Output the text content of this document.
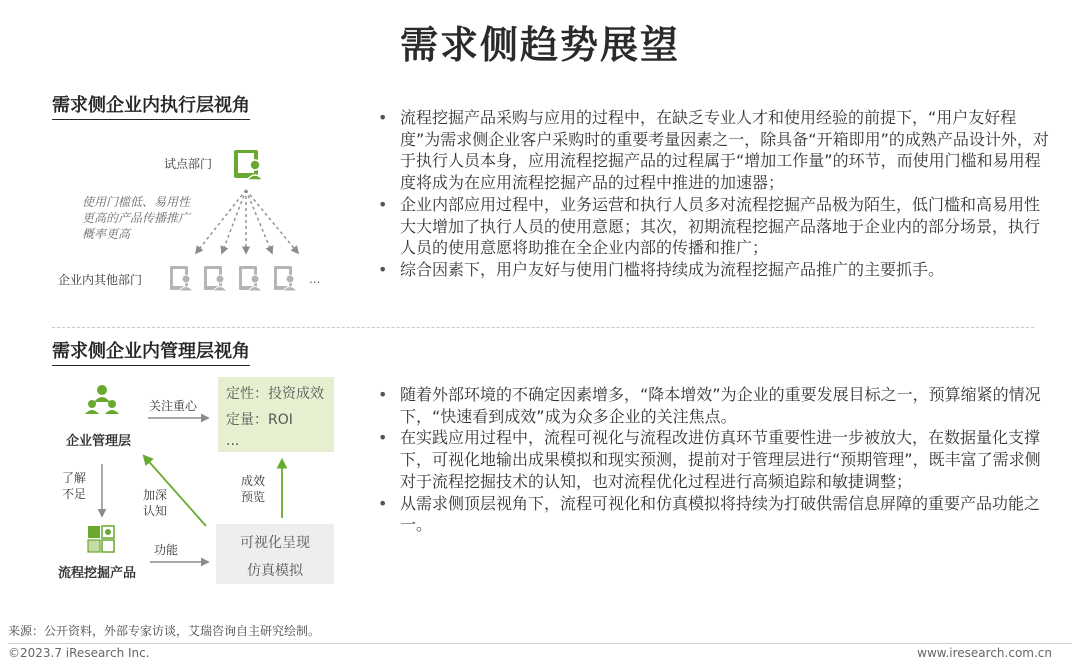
需求侧趋势展望
需求侧企业内执行层视角
试点部门
使用门槛低、易用性
更高的产品传播推广
概率更高
企业内其他部门	...
• 流程挖掘产品采购与应用的过程中，在缺乏专业人才和使用经验的前提下，“用户友好程度”为需求侧企业客户采购时的重要考量因素之一，除具备“开箱即用”的成熟产品设计外，对于执行人员本身，应用流程挖掘产品的过程属于“增加工作量”的环节，而使用门槛和易用程度将成为在应用流程挖掘产品的过程中推进的加速器；
• 企业内部应用过程中，业务运营和执行人员多对流程挖掘产品极为陌生，低门槛和高易用性大大增加了执行人员的使用意愿；其次，初期流程挖掘产品落地于企业内的部分场景，执行人员的使用意愿将助推在全企业内部的传播和推广；
• 综合因素下，用户友好与使用门槛将持续成为流程挖掘产品推广的主要抓手。
需求侧企业内管理层视角
定性：投资成效
定量：ROI
...
可视化呈现
仿真模拟
企业管理层
关注重心
了解
不足	加深
认知
成效
预览
流程挖掘产品
功能
• 随着外部环境的不确定因素增多，“降本增效”为企业的重要发展目标之一，预算缩紧的情况下，“快速看到成效”成为众多企业的关注焦点。
• 在实践应用过程中，流程可视化与流程改进仿真环节重要性进一步被放大，在数据量化支撑下，可视化地输出成果模拟和现实预测，提前对于管理层进行“预期管理”，既丰富了需求侧对于流程挖掘技术的认知，也对流程优化过程进行高频追踪和敏捷调整；
• 从需求侧顶层视角下，流程可视化和仿真模拟将持续为打破供需信息屏障的重要产品功能之一。
来源：公开资料，外部专家访谈，艾瑞咨询自主研究绘制。
©2023.7 iResearch Inc.	www.iresearch.com.cn
